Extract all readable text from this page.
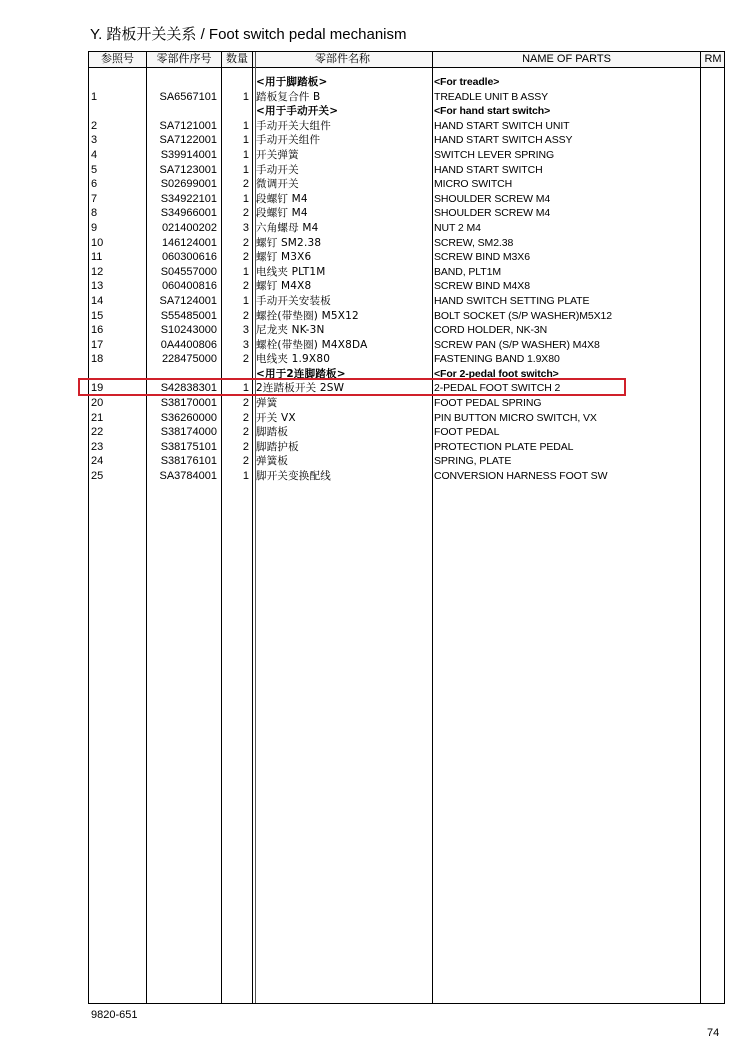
Y. 踏板开关关系 / Foot switch pedal mechanism
参照号	零部件序号	数量	零部件名称	NAME OF PARTS	RM
<用于脚踏板>	<For treadle>
1	SA6567101	1 踏板复合件 B	TREADLE UNIT B ASSY
<用于手动开关>	<For hand start switch>
2	SA7121001	1 手动开关大组件	HAND START SWITCH UNIT
3	SA7122001	1 手动开关组件	HAND START SWITCH ASSY
4	S39914001	1 开关弹簧	SWITCH LEVER SPRING
5	SA7123001	1 手动开关	HAND START SWITCH
6	S02699001	2 微调开关	MICRO SWITCH
7	S34922101	1 段螺钉 M4	SHOULDER SCREW M4
8	S34966001	2 段螺钉 M4	SHOULDER SCREW M4
9	021400202	3 六角螺母 M4	NUT 2 M4
10	146124001	2 螺钉 SM2.38	SCREW, SM2.38
11	060300616	2 螺钉 M3X6	SCREW BIND M3X6
12	S04557000	1 电线夹 PLT1M	BAND, PLT1M
13	060400816	2 螺钉 M4X8	SCREW BIND M4X8
14	SA7124001	1 手动开关安装板	HAND SWITCH SETTING PLATE
15	S55485001	2 螺拴(带垫圈) M5X12	BOLT SOCKET (S/P WASHER)M5X12
16	S10243000	3 尼龙夹 NK-3N	CORD HOLDER, NK-3N
17	0A4400806	3 螺栓(带垫圈) M4X8DA	SCREW PAN (S/P WASHER) M4X8
18	228475000	2 电线夹 1.9X80	FASTENING BAND 1.9X80
<用于2连脚踏板>	<For 2-pedal foot switch>
19	S42838301	1 2连踏板开关 2SW	2-PEDAL FOOT SWITCH 2
20	S38170001	2 弹簧	FOOT PEDAL SPRING
21	S36260000	2 开关 VX	PIN BUTTON MICRO SWITCH, VX
22	S38174000	2 脚踏板	FOOT PEDAL
23	S38175101	2 脚踏护板	PROTECTION PLATE PEDAL
24	S38176101	2 弹簧板	SPRING, PLATE
25	SA3784001	1 脚开关变换配线	CONVERSION HARNESS FOOT SW
9820-651
74
